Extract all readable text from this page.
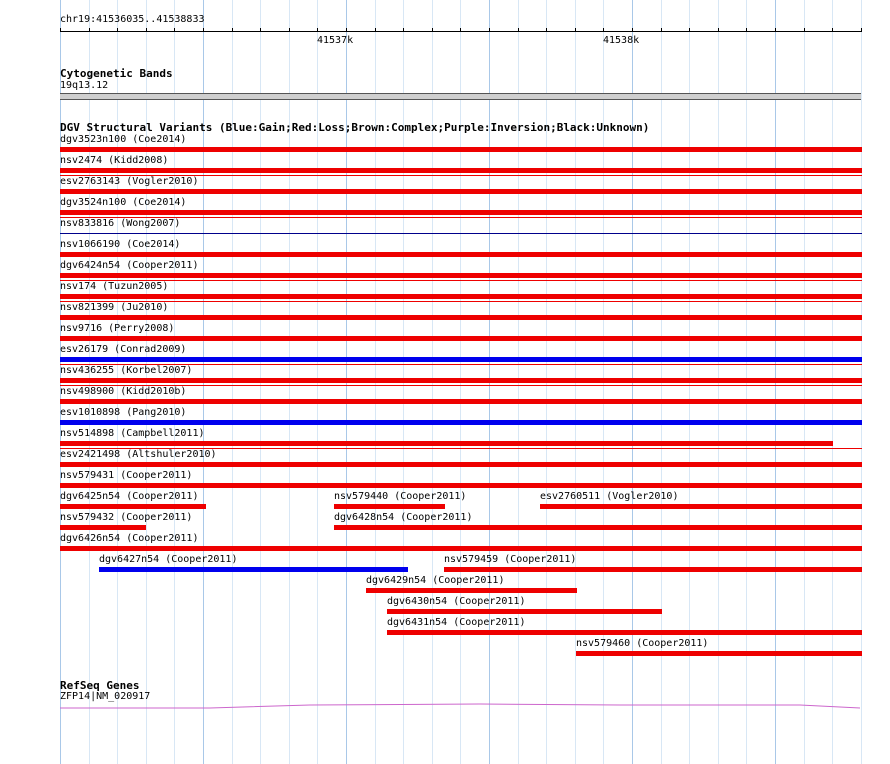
chr19:41536035..41538833
41537k	41538k
Cytogenetic Bands
19q13.12
DGV Structural Variants (Blue:Gain;Red:Loss;Brown:Complex;Purple:Inversion;Black:Unknown)
dgv3523n100 (Coe2014)
nsv2474 (Kidd2008)
esv2763143 (Vogler2010)
dgv3524n100 (Coe2014)
nsv833816 (Wong2007)
nsv1066190 (Coe2014)
dgv6424n54 (Cooper2011)
nsv174 (Tuzun2005)
nsv821399 (Ju2010)
nsv9716 (Perry2008)
esv26179 (Conrad2009)
nsv436255 (Korbel2007)
nsv498900 (Kidd2010b)
esv1010898 (Pang2010)
nsv514898 (Campbell2011)
esv2421498 (Altshuler2010)
nsv579431 (Cooper2011)
dgv6425n54 (Cooper2011)	nsv579440 (Cooper2011)	esv2760511 (Vogler2010)
nsv579432 (Cooper2011)	dgv6428n54 (Cooper2011)
dgv6426n54 (Cooper2011)
dgv6427n54 (Cooper2011)	nsv579459 (Cooper2011)
dgv6429n54 (Cooper2011)
dgv6430n54 (Cooper2011)
dgv6431n54 (Cooper2011)
nsv579460 (Cooper2011)
RefSeq Genes
ZFP14|NM_020917
